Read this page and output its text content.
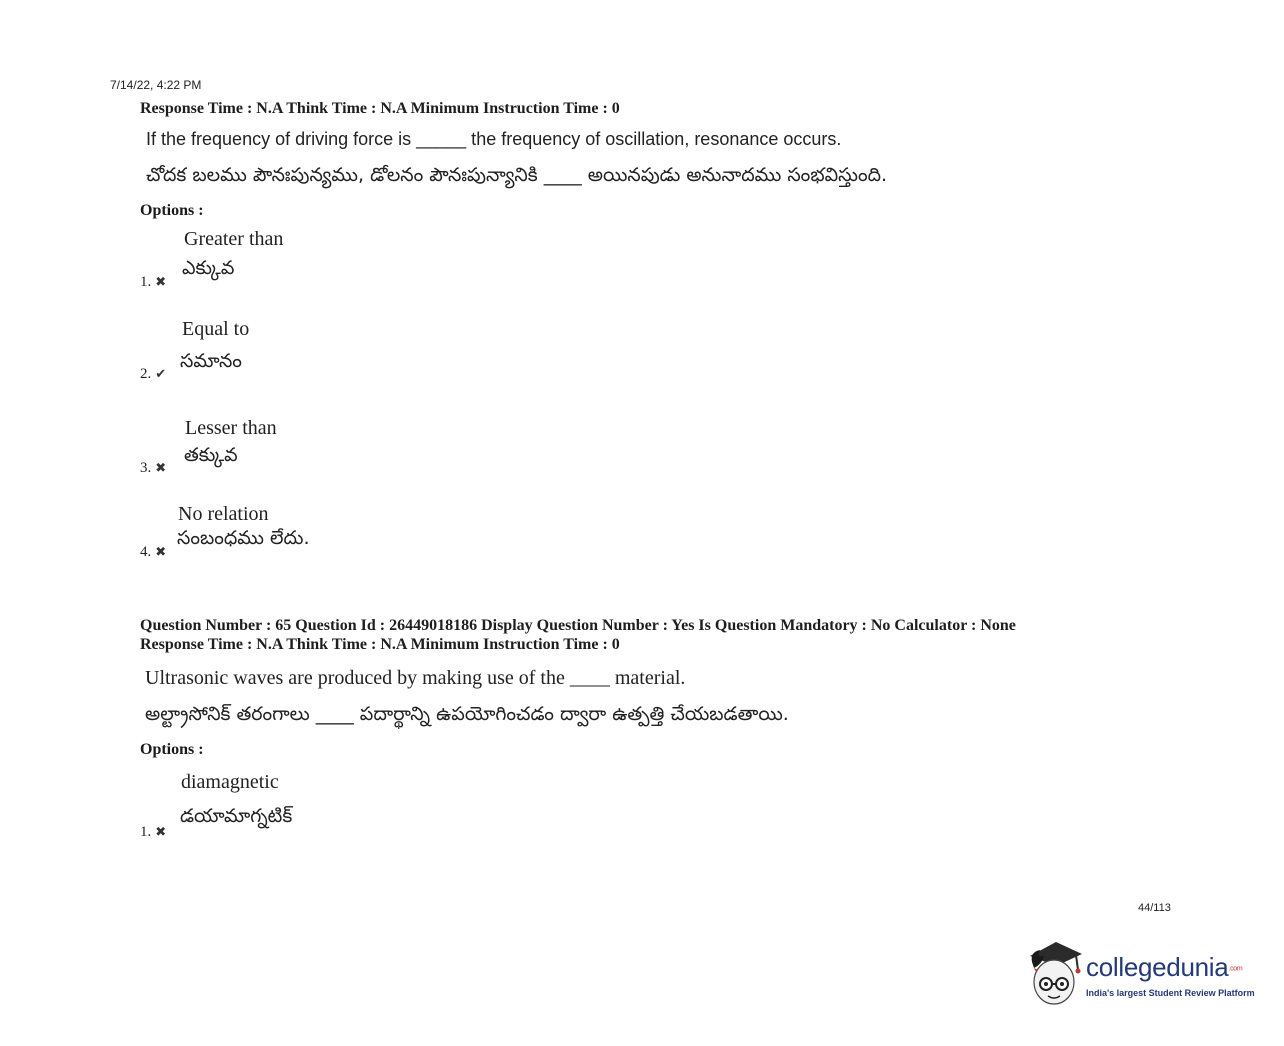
7/14/22, 4:22 PM
Response Time : N.A Think Time : N.A Minimum Instruction Time : 0
If the frequency of driving force is _____ the frequency of oscillation, resonance occurs.
చోదక బలము పౌనఃపున్యము, డోలనం పౌనఃపున్యానికి ____ అయినపుడు అనునాదము సంభవిస్తుంది.
Options :
Greater than
ఎక్కువ
1. ✖
Equal to
సమానం
2. ✔
Lesser than
తక్కువ
3. ✖
No relation
సంబంధము లేదు.
4. ✖
Question Number : 65 Question Id : 26449018186 Display Question Number : Yes Is Question Mandatory : No Calculator : None
Response Time : N.A Think Time : N.A Minimum Instruction Time : 0
Ultrasonic waves are produced by making use of the ____ material.
అల్ట్రాసోనిక్ తరంగాలు ____ పదార్థాన్ని ఉపయోగించడం ద్వారా ఉత్పత్తి చేయబడతాయి.
Options :
diamagnetic
డయామాగ్నటిక్
1. ✖
44/113
collegedunia.com
India's largest Student Review Platform
